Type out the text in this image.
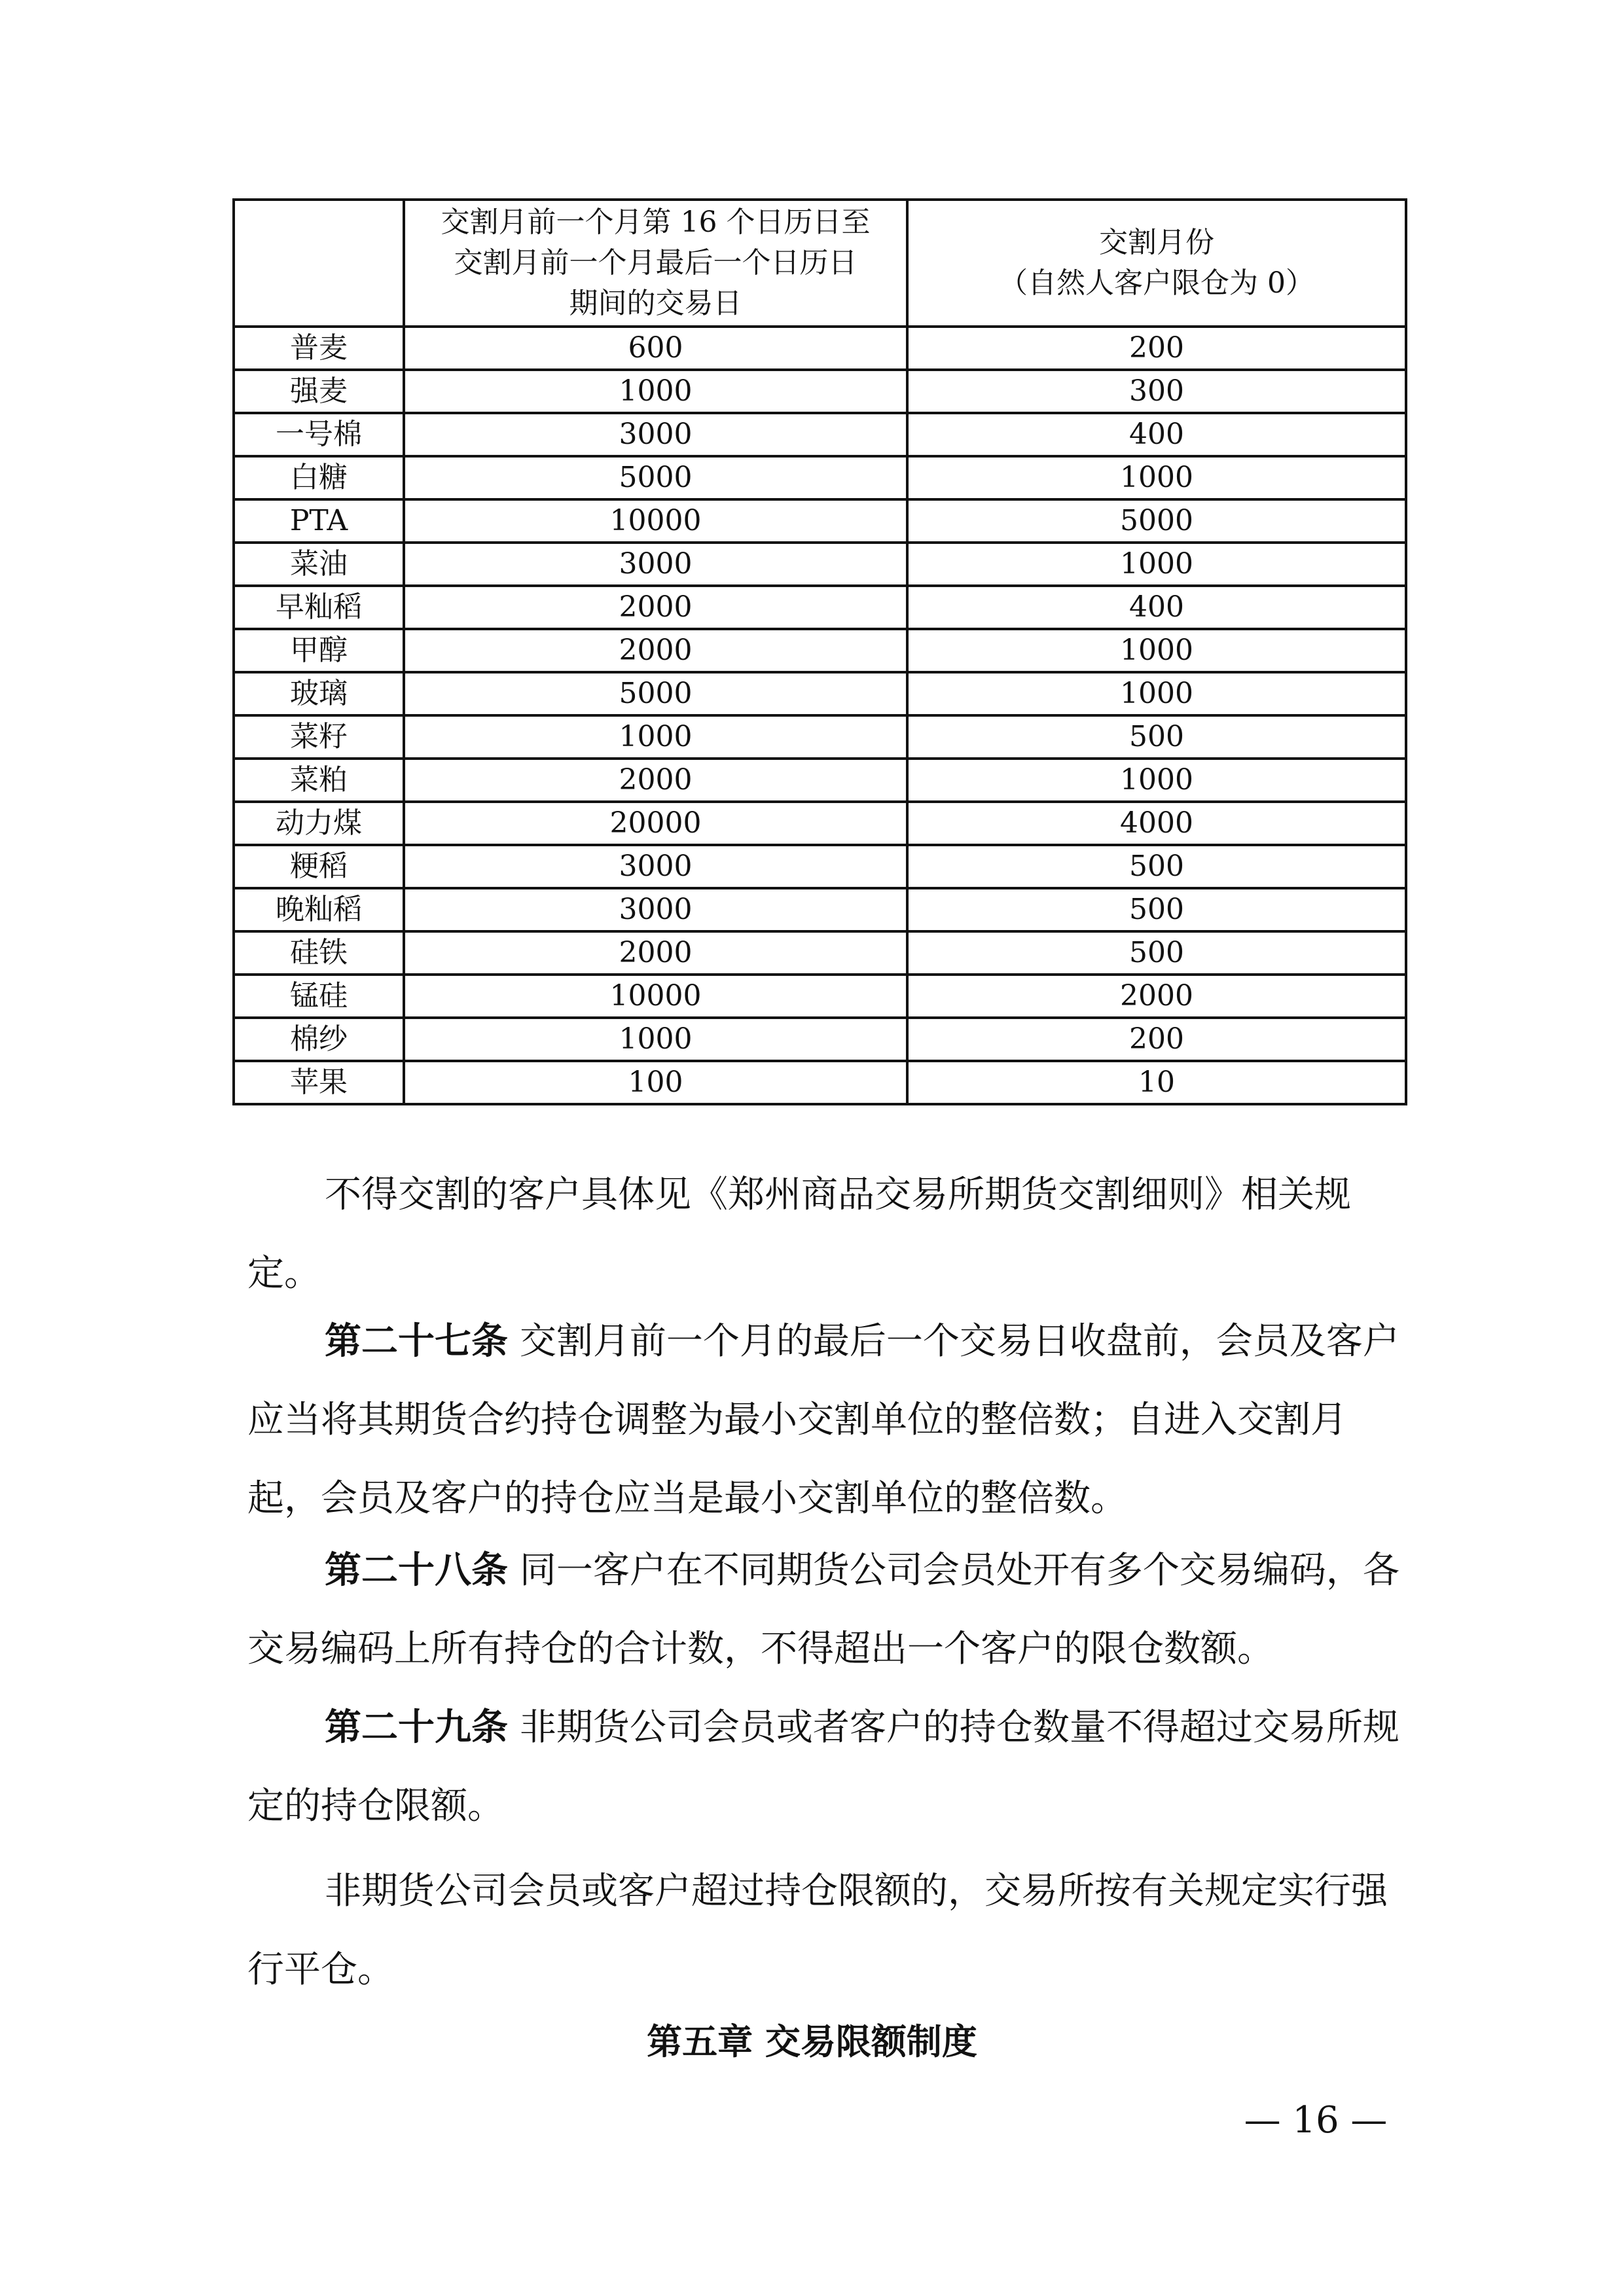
	交割月前一个月第 16 个日历日至
交割月前一个月最后一个日历日
期间的交易日	交割月份
（自然人客户限仓为 0）

普麦	600	200
强麦	1000	300
一号棉	3000	400
白糖	5000	1000
PTA	10000	5000
菜油	3000	1000
早籼稻	2000	400
甲醇	2000	1000
玻璃	5000	1000
菜籽	1000	500
菜粕	2000	1000
动力煤	20000	4000
粳稻	3000	500
晚籼稻	3000	500
硅铁	2000	500
锰硅	10000	2000
棉纱	1000	200
苹果	100	10

不得交割的客户具体见《郑州商品交易所期货交割细则》相关规定。

第二十七条 交割月前一个月的最后一个交易日收盘前，会员及客户应当将其期货合约持仓调整为最小交割单位的整倍数；自进入交割月起，会员及客户的持仓应当是最小交割单位的整倍数。

第二十八条 同一客户在不同期货公司会员处开有多个交易编码，各交易编码上所有持仓的合计数，不得超出一个客户的限仓数额。

第二十九条 非期货公司会员或者客户的持仓数量不得超过交易所规定的持仓限额。

非期货公司会员或客户超过持仓限额的，交易所按有关规定实行强行平仓。

第五章 交易限额制度
— 16 —
